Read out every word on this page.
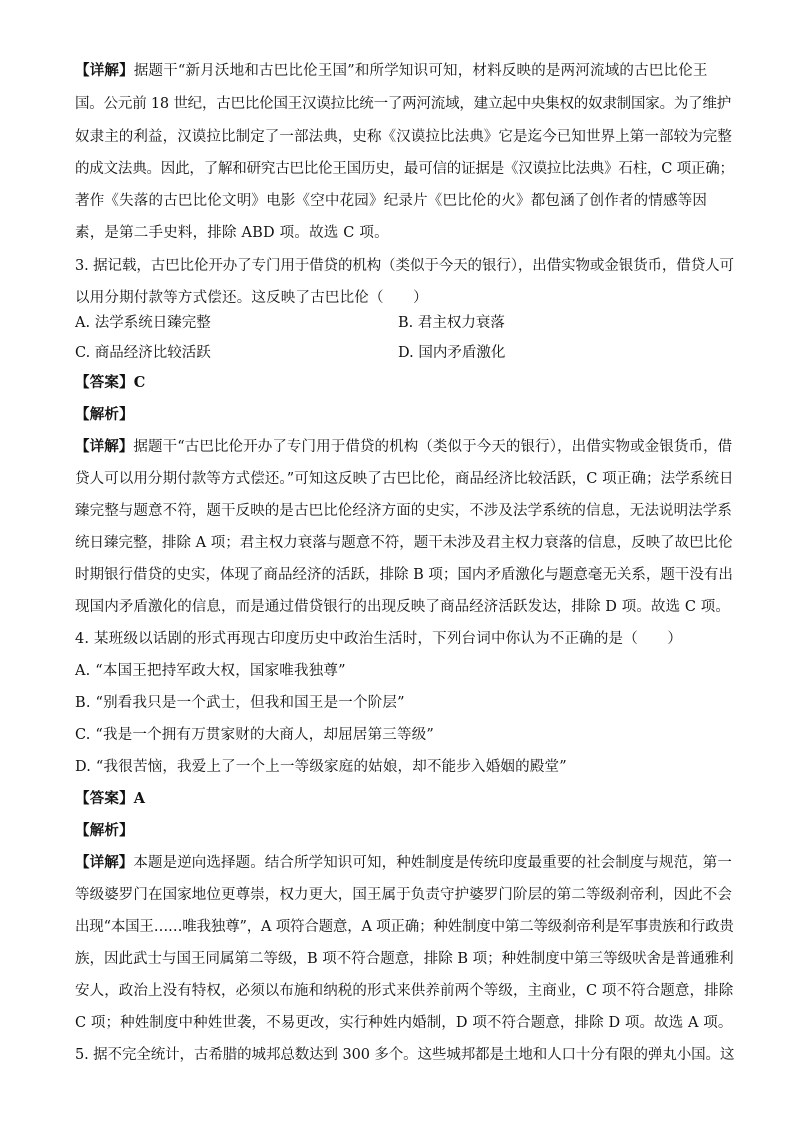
【详解】据题干“新月沃地和古巴比伦王国”和所学知识可知，材料反映的是两河流域的古巴比伦王
国。公元前 18 世纪，古巴比伦国王汉谟拉比统一了两河流域，建立起中央集权的奴隶制国家。为了维护
奴隶主的利益，汉谟拉比制定了一部法典，史称《汉谟拉比法典》它是迄今已知世界上第一部较为完整
的成文法典。因此，了解和研究古巴比伦王国历史，最可信的证据是《汉谟拉比法典》石柱，C 项正确；
著作《失落的古巴比伦文明》电影《空中花园》纪录片《巴比伦的火》都包涵了创作者的情感等因
素，是第二手史料，排除 ABD 项。故选 C 项。
3. 据记载，古巴比伦开办了专门用于借贷的机构（类似于今天的银行），出借实物或金银货币，借贷人可
以用分期付款等方式偿还。这反映了古巴比伦（　　）
A. 法学系统日臻完整	B. 君主权力衰落
C. 商品经济比较活跃	D. 国内矛盾激化
【答案】C
【解析】
【详解】据题干“古巴比伦开办了专门用于借贷的机构（类似于今天的银行），出借实物或金银货币，借
贷人可以用分期付款等方式偿还。”可知这反映了古巴比伦，商品经济比较活跃，C 项正确；法学系统日
臻完整与题意不符，题干反映的是古巴比伦经济方面的史实，不涉及法学系统的信息，无法说明法学系
统日臻完整，排除 A 项；君主权力衰落与题意不符，题干未涉及君主权力衰落的信息，反映了故巴比伦
时期银行借贷的史实，体现了商品经济的活跃，排除 B 项；国内矛盾激化与题意毫无关系，题干没有出
现国内矛盾激化的信息，而是通过借贷银行的出现反映了商品经济活跃发达，排除 D 项。故选 C 项。
4. 某班级以话剧的形式再现古印度历史中政治生活时，下列台词中你认为不正确的是（　　）
A. “本国王把持军政大权，国家唯我独尊”
B. “别看我只是一个武士，但我和国王是一个阶层”
C. “我是一个拥有万贯家财的大商人，却屈居第三等级”
D. “我很苦恼，我爱上了一个上一等级家庭的姑娘，却不能步入婚姻的殿堂”
【答案】A
【解析】
【详解】本题是逆向选择题。结合所学知识可知，种姓制度是传统印度最重要的社会制度与规范，第一
等级婆罗门在国家地位更尊崇，权力更大，国王属于负责守护婆罗门阶层的第二等级刹帝利，因此不会
出现“本国王……唯我独尊”，A 项符合题意，A 项正确；种姓制度中第二等级刹帝利是军事贵族和行政贵
族，因此武士与国王同属第二等级，B 项不符合题意，排除 B 项；种姓制度中第三等级吠舍是普通雅利
安人，政治上没有特权，必须以布施和纳税的形式来供养前两个等级，主商业，C 项不符合题意，排除
C 项；种姓制度中种姓世袭，不易更改，实行种姓内婚制，D 项不符合题意，排除 D 项。故选 A 项。
5. 据不完全统计，古希腊的城邦总数达到 300 多个。这些城邦都是土地和人口十分有限的弹丸小国。这
